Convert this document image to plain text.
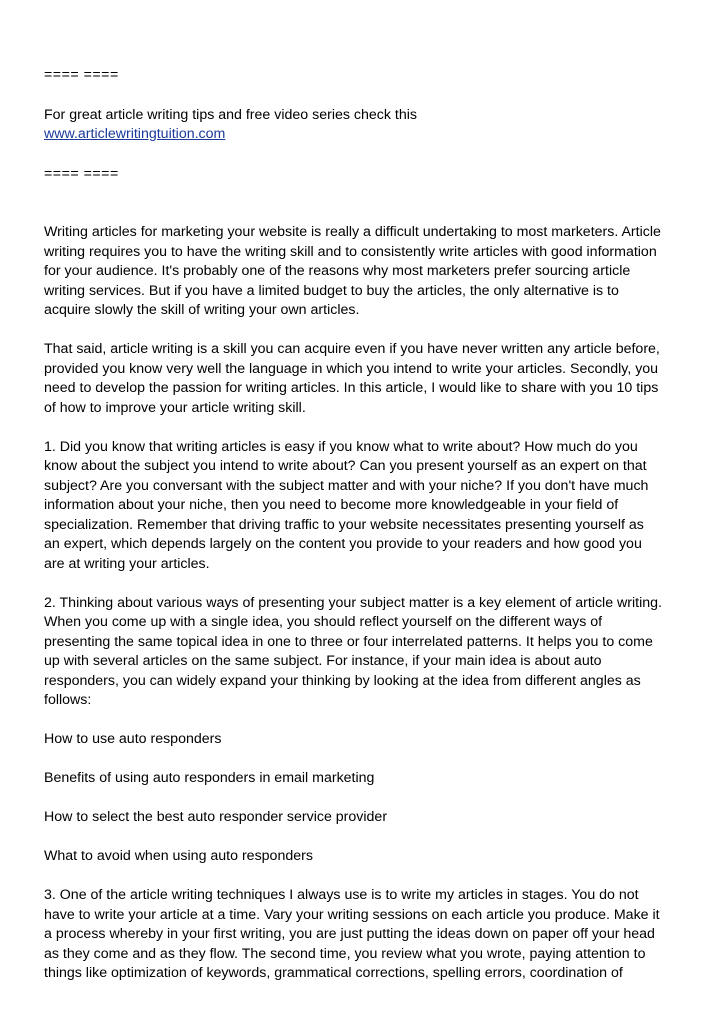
==== ====

For great article writing tips and free video series check this

www.articlewritingtuition.com

==== ====

Writing articles for marketing your website is really a difficult undertaking to most marketers. Article
writing requires you to have the writing skill and to consistently write articles with good information
for your audience. It's probably one of the reasons why most marketers prefer sourcing article
writing services. But if you have a limited budget to buy the articles, the only alternative is to
acquire slowly the skill of writing your own articles.

That said, article writing is a skill you can acquire even if you have never written any article before,
provided you know very well the language in which you intend to write your articles. Secondly, you
need to develop the passion for writing articles. In this article, I would like to share with you 10 tips
of how to improve your article writing skill.

1. Did you know that writing articles is easy if you know what to write about? How much do you
know about the subject you intend to write about? Can you present yourself as an expert on that
subject? Are you conversant with the subject matter and with your niche? If you don't have much
information about your niche, then you need to become more knowledgeable in your field of
specialization. Remember that driving traffic to your website necessitates presenting yourself as
an expert, which depends largely on the content you provide to your readers and how good you
are at writing your articles.

2. Thinking about various ways of presenting your subject matter is a key element of article writing.
When you come up with a single idea, you should reflect yourself on the different ways of
presenting the same topical idea in one to three or four interrelated patterns. It helps you to come
up with several articles on the same subject. For instance, if your main idea is about auto
responders, you can widely expand your thinking by looking at the idea from different angles as
follows:

How to use auto responders

Benefits of using auto responders in email marketing

How to select the best auto responder service provider

What to avoid when using auto responders

3. One of the article writing techniques I always use is to write my articles in stages. You do not
have to write your article at a time. Vary your writing sessions on each article you produce. Make it
a process whereby in your first writing, you are just putting the ideas down on paper off your head
as they come and as they flow. The second time, you review what you wrote, paying attention to
things like optimization of keywords, grammatical corrections, spelling errors, coordination of
